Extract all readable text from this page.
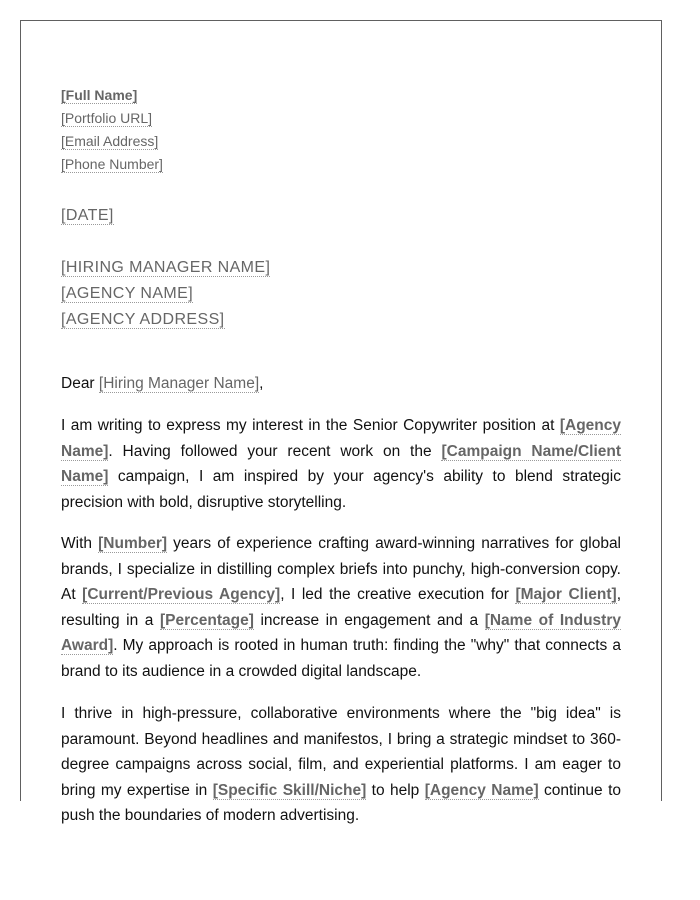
[Full Name]
[Portfolio URL]
[Email Address]
[Phone Number]
[DATE]
[HIRING MANAGER NAME]
[AGENCY NAME]
[AGENCY ADDRESS]
Dear [Hiring Manager Name],
I am writing to express my interest in the Senior Copywriter position at [Agency Name]. Having followed your recent work on the [Campaign Name/Client Name] campaign, I am inspired by your agency's ability to blend strategic precision with bold, disruptive storytelling.
With [Number] years of experience crafting award-winning narratives for global brands, I specialize in distilling complex briefs into punchy, high-conversion copy. At [Current/Previous Agency], I led the creative execution for [Major Client], resulting in a [Percentage] increase in engagement and a [Name of Industry Award]. My approach is rooted in human truth: finding the "why" that connects a brand to its audience in a crowded digital landscape.
I thrive in high-pressure, collaborative environments where the "big idea" is paramount. Beyond headlines and manifestos, I bring a strategic mindset to 360-degree campaigns across social, film, and experiential platforms. I am eager to bring my expertise in [Specific Skill/Niche] to help [Agency Name] continue to push the boundaries of modern advertising.
